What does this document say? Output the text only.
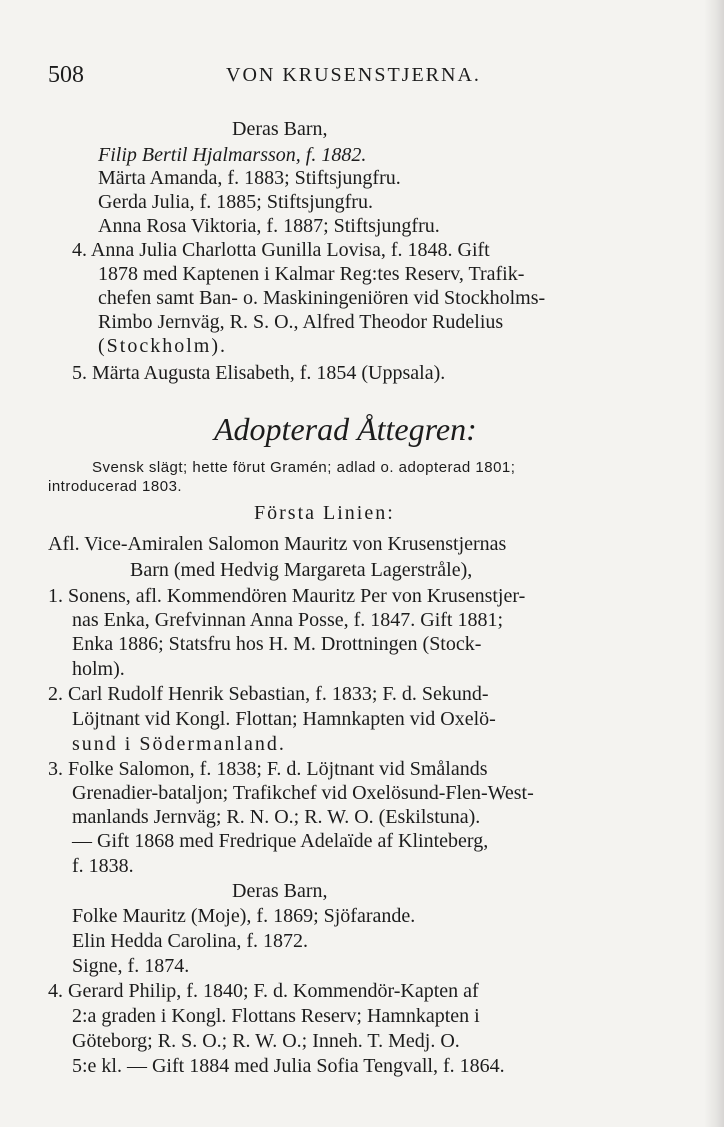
508	VON KRUSENSTJERNA.
Deras Barn,
Filip Bertil Hjalmarsson, f. 1882.
Märta Amanda, f. 1883; Stiftsjungfru.
Gerda Julia, f. 1885; Stiftsjungfru.
Anna Rosa Viktoria, f. 1887; Stiftsjungfru.
4. Anna Julia Charlotta Gunilla Lovisa, f. 1848. Gift
1878 med Kaptenen i Kalmar Reg:tes Reserv, Trafik-
chefen samt Ban- o. Maskiningeniören vid Stockholms-
Rimbo Jernväg, R. S. O., Alfred Theodor Rudelius
(Stockholm).
5. Märta Augusta Elisabeth, f. 1854 (Uppsala).
Adopterad Åttegren:
Svensk slägt; hette förut Gramén; adlad o. adopterad 1801;
introducerad 1803.
Första Linien:
Afl. Vice-Amiralen Salomon Mauritz von Krusenstjernas
Barn (med Hedvig Margareta Lagerstråle),
1. Sonens, afl. Kommendören Mauritz Per von Krusenstjer-
nas Enka, Grefvinnan Anna Posse, f. 1847. Gift 1881;
Enka 1886; Statsfru hos H. M. Drottningen (Stock-
holm).
2. Carl Rudolf Henrik Sebastian, f. 1833; F. d. Sekund-
Löjtnant vid Kongl. Flottan; Hamnkapten vid Oxelö-
sund i Södermanland.
3. Folke Salomon, f. 1838; F. d. Löjtnant vid Smålands
Grenadier-bataljon; Trafikchef vid Oxelösund-Flen-West-
manlands Jernväg; R. N. O.; R. W. O. (Eskilstuna).
— Gift 1868 med Fredrique Adelaïde af Klinteberg,
f. 1838.
Deras Barn,
Folke Mauritz (Moje), f. 1869; Sjöfarande.
Elin Hedda Carolina, f. 1872.
Signe, f. 1874.
4. Gerard Philip, f. 1840; F. d. Kommendör-Kapten af
2:a graden i Kongl. Flottans Reserv; Hamnkapten i
Göteborg; R. S. O.; R. W. O.; Inneh. T. Medj. O.
5:e kl. — Gift 1884 med Julia Sofia Tengvall, f. 1864.
